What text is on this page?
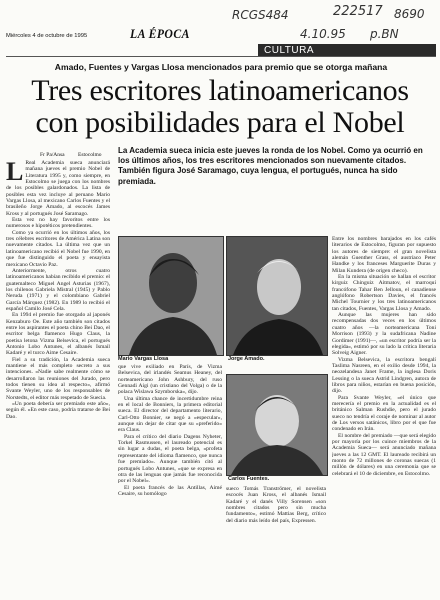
Miércoles 4 de octubre de 1995	LA ÉPOCA
RCGS484	222517 8690
4.10.95 p.BN
CULTURA
Amado, Fuentes y Vargas Llosa mencionados para premio que se otorga mañana
Tres escritores latinoamericanos
con posibilidades para el Nobel
La Academia sueca inicia este jueves la ronda de los Nobel. Como ya ocurrió en los últimos años, los tres escritores mencionados son nuevamente citados. También figura José Saramago, cuya lengua, el portugués, nunca ha sido premiada.
Fr Pa/Ansa Estocolmo
L Real Academia sueca anunciará mañana jueves el premio Nobel de Literatura 1995 y, como siempre, en Estocolmo se juega con los nombres de los posibles galardonados. La lista de posibles esta vez incluye al peruano Mario Vargas Llosa, al mexicano Carlos Fuentes y el brasileño Jorge Amado, al escocés James Kross y al portugués José Saramago.

Esta vez no hay favoritos entre los numerosos e hipotéticos pretendientes.

Como ya ocurrió en los últimos años, los tres célebres escritores de América Latina son nuevamente citados. La última vez que un latinoamericano recibió el Nobel fue 1990, en que fue distinguido el poeta y ensayista mexicano Octavio Paz.

Anteriormente, otros cuatro latinoamericanos habían recibido el premio: el guatemalteco Miguel Angel Asturias (1967), los chilenos Gabriela Mistral (1945) y Pablo Neruda (1971) y el colombiano Gabriel García Márquez (1982). En 1989 lo recibió el español Camilo José Cela.

En 1994 el premio fue otorgado al japonés Kenzaburo Oe. Este año también son citados entre los aspirantes el poeta chino Bei Dao, el escritor belga flamenco Hugo Claus, la poetisa letona Vizma Belsevica, el portugués Antonio Lobo Antunes, el albanés Ismail Kadaré y el turco Aime Cesaire.

Fiel a su tradición, la Academia sueca mantiene el más completo secreto a sus intenciones. «Nadie sabe realmente cómo se desarrollaron las reuniones del Jurado, pero todos tienen su idea al respecto», afirmó Svante Weyler, uno de los responsables de Norstedts, el editor más respetado de Suecia.

«Un poeta debería ser premiado este año», según él. «En este caso, podría tratarse de Bei Dao.

Mario Vargas Llosa	Jorge Amado.

que vive exiliado en París, de Vizma Belsevica, del irlandés Seamus Heaney, del norteamericano John Ashbury, del ruso Gennadi Aigi (un cristiano del Volga) o de la polaca Wislawa Szymborska», dijo.

Una última chance de incertidumbre reina en el local de Bonniers, la primera editorial sueca. El director del departamento literario, Carl-Otto Bonnier, se negó a «especular», aunque sin dejar de citar que su «preferido» era Claus.

Para el crítico del diario Dagens Nyheter, Torkel Rasmussen, el laureado potencial es sin lugar a dudas, el poeta belga, «profeta representante del idioma flamenco, que nunca fue premiado». Aunque también citó al portugués Lobo Antunes, «que se expresa en otra de las lenguas que jamás fue reconocida por el Nobel».

El poeta francés de las Antillas, Aimé Cesaire, su homólogo

Carlos Fuentes.
sueco Tomás Tranströmer, el novelista escocés Juan Kross, el albanés Ismail Kadaré y el danés Villy Sorensen «son nombres citados pero sin mucha fundamento», estimó Mattias Berg, crítico del diario más leído del país, Expressen.

Entre los nombres barajados en los cafés literarios de Estocolmo, figuran por supuesto los autores de siempre: el gran novelista alemán Guenther Grass, el austríaco Peter Handke y los franceses Marguerite Duras y Milan Kundera (de origen checo).

En la misma situación se hallan el escritor kirguiz Chinguiz Aitmatov, el marroquí francófono Tahar Ben Jelloun, el canadiense anglófono Robertson Davies, el francés Michel Tournier y los tres latinoamericanos tan citados, Fuentes, Vargas Llosa y Amado.

Aunque las mujeres han sido recompensadas dos veces en los últimos cuatro años —la norteamericana Toni Morrison (1993) y la sudafricana Nadine Gordimer (1991)—, «un escritor podría ser la elegida», estimó por su lado la crítica literaria Solveig Aigner.

Vizma Belsevica, la escritora bengalí Taslima Nasreen, en el exilio desde 1994, la neozelandesa Janet Frame, la inglesa Doris Lessing o la sueca Astrid Lindgren, autora de libros para niños, estarían en buena posición, dijo.

Para Svante Weyler, «el único que merecería el premio en la actualidad es el británico Salman Rushdie, pero el jurado sueco no tendría el coraje de nominar al autor de Los versos satánicos, libro por el que fue condenado en Irán.

El nombre del premiado —que será elegido por mayoría por los cuince miembros de la Academia Sueca— será anunciado mañana jueves a las 12 GMT. El laureado recibirá un monto de 72 millones de coronas suecas (1 millón de dólares) en una ceremonia que se celebrará el 10 de diciembre, en Estocolmo.
